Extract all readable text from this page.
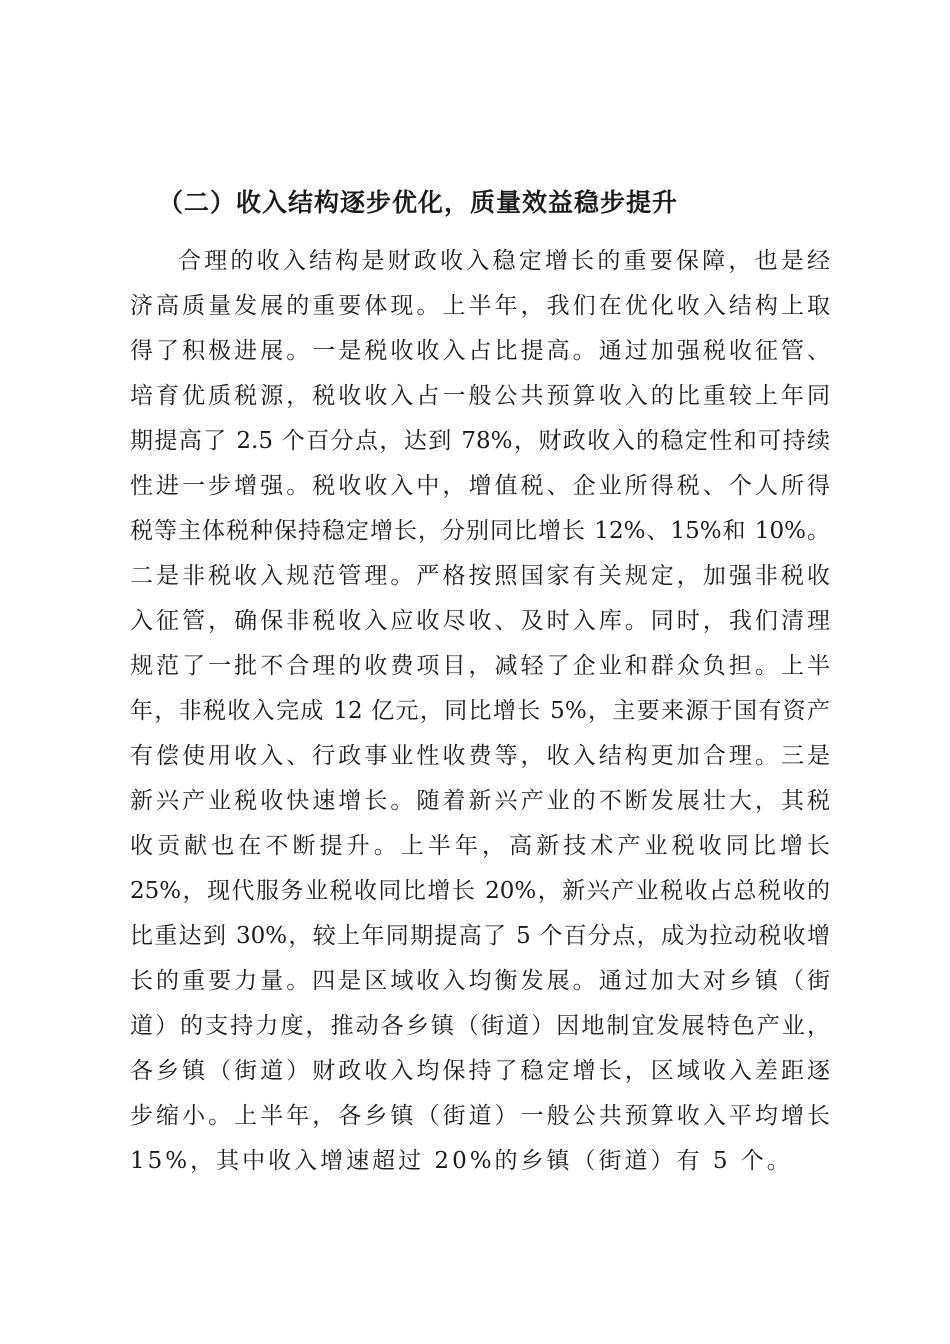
（二）收入结构逐步优化，质量效益稳步提升
合理的收入结构是财政收入稳定增长的重要保障，也是经
济高质量发展的重要体现。上半年，我们在优化收入结构上取
得了积极进展。一是税收收入占比提高。通过加强税收征管、
培育优质税源，税收收入占一般公共预算收入的比重较上年同
期提高了 2.5 个百分点，达到 78%，财政收入的稳定性和可持续
性进一步增强。税收收入中，增值税、企业所得税、个人所得
税等主体税种保持稳定增长，分别同比增长 12%、15%和 10%。
二是非税收入规范管理。严格按照国家有关规定，加强非税收
入征管，确保非税收入应收尽收、及时入库。同时，我们清理
规范了一批不合理的收费项目，减轻了企业和群众负担。上半
年，非税收入完成 12 亿元，同比增长 5%，主要来源于国有资产
有偿使用收入、行政事业性收费等，收入结构更加合理。三是
新兴产业税收快速增长。随着新兴产业的不断发展壮大，其税
收贡献也在不断提升。上半年，高新技术产业税收同比增长
25%，现代服务业税收同比增长 20%，新兴产业税收占总税收的
比重达到 30%，较上年同期提高了 5 个百分点，成为拉动税收增
长的重要力量。四是区域收入均衡发展。通过加大对乡镇（街
道）的支持力度，推动各乡镇（街道）因地制宜发展特色产业，
各乡镇（街道）财政收入均保持了稳定增长，区域收入差距逐
步缩小。上半年，各乡镇（街道）一般公共预算收入平均增长
15%，其中收入增速超过 20%的乡镇（街道）有 5 个。
